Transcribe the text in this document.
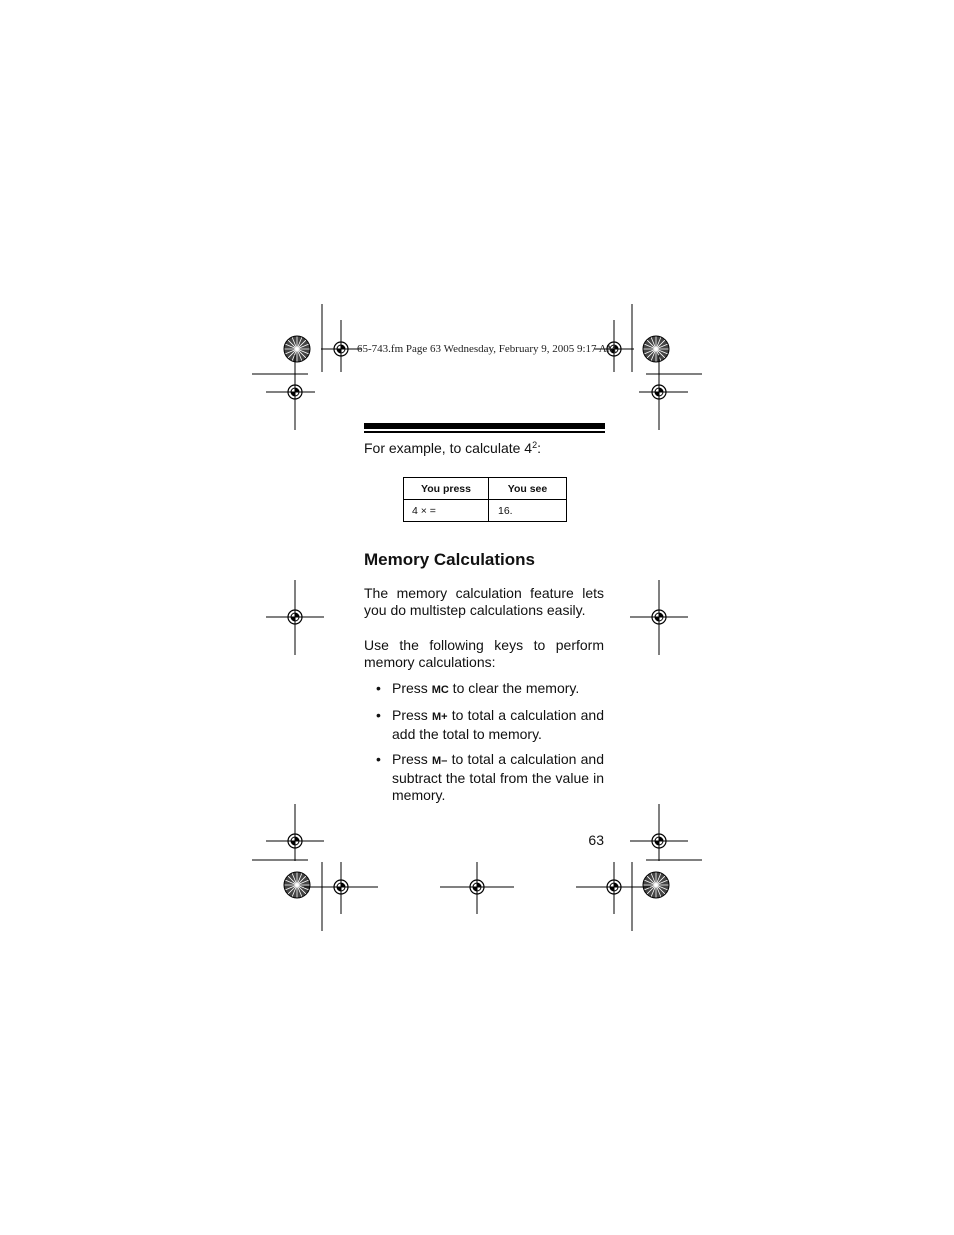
65-743.fm Page 63 Wednesday, February 9, 2005 9:17 AM

For example, to calculate $4^2$:

You press	You see
4 × =	16.
Memory Calculations

The memory calculation feature lets you do multistep calculations easily.

Use the following keys to perform memory calculations:

• Press MC to clear the memory.
• Press M+ to total a calculation and add the total to memory.
• Press M– to total a calculation and subtract the total from the value in memory.
63
